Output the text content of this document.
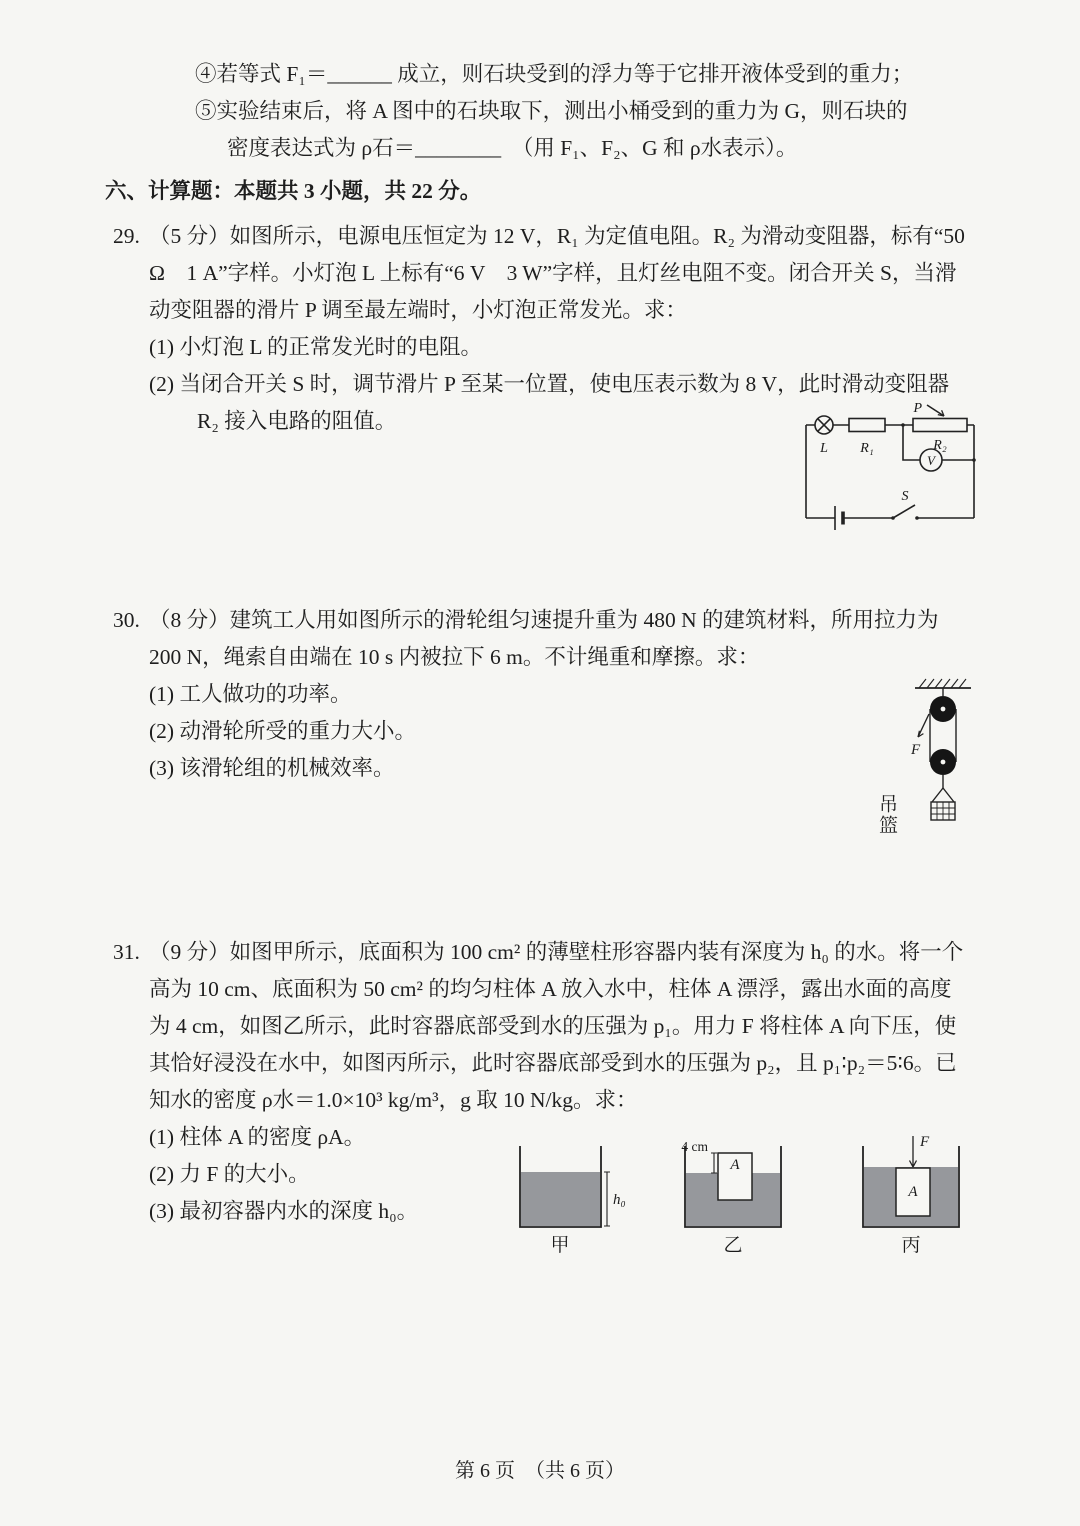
④若等式 F₁＝______ 成立，则石块受到的浮力等于它排开液体受到的重力；
⑤实验结束后，将 A 图中的石块取下，测出小桶受到的重力为 G，则石块的
密度表达式为 ρ石＝________　（用 F₁、F₂、G 和 ρ水表示）。
六、计算题：本题共 3 小题，共 22 分。
29. （5 分）如图所示，电源电压恒定为 12 V，R₁ 为定值电阻。R₂ 为滑动变阻器，标有“50 Ω　1 A”字样。小灯泡 L 上标有“6 V　3 W”字样，且灯丝电阻不变。闭合开关 S，当滑动变阻器的滑片 P 调至最左端时，小灯泡正常发光。求：
(1) 小灯泡 L 的正常发光时的电阻。
(2) 当闭合开关 S 时，调节滑片 P 至某一位置，使电压表示数为 8 V，此时滑动变阻器 R₂ 接入电路的阻值。
L R₁
P
R₂
V
S
30. （8 分）建筑工人用如图所示的滑轮组匀速提升重为 480 N 的建筑材料，所用拉力为 200 N，绳索自由端在 10 s 内被拉下 6 m。不计绳重和摩擦。求：
(1) 工人做功的功率。
(2) 动滑轮所受的重力大小。
(3) 该滑轮组的机械效率。
F
吊篮
31. （9 分）如图甲所示，底面积为 100 cm² 的薄壁柱形容器内装有深度为 h₀ 的水。将一个高为 10 cm、底面积为 50 cm² 的均匀柱体 A 放入水中，柱体 A 漂浮，露出水面的高度为 4 cm，如图乙所示，此时容器底部受到水的压强为 p₁。用力 F 将柱体 A 向下压，使其恰好浸没在水中，如图丙所示，此时容器底部受到水的压强为 p₂，且 p₁∶p₂＝5∶6。已知水的密度 ρ水＝1.0×10³ kg/m³，g 取 10 N/kg。求：
(1) 柱体 A 的密度 ρA。
(2) 力 F 的大小。
(3) 最初容器内水的深度 h₀。	h₀
甲
4 cm
A
乙
F
A
丙
第 6 页　（共 6 页）
